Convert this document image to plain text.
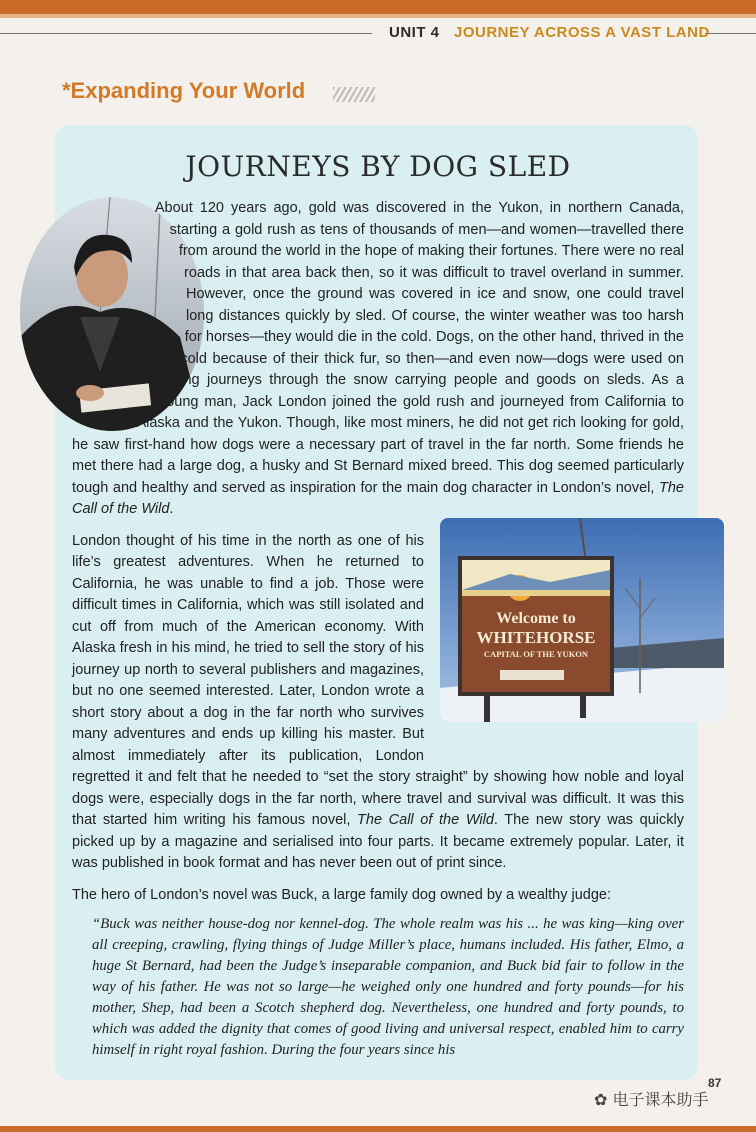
UNIT 4 JOURNEY ACROSS A VAST LAND
*Expanding Your World
JOURNEYS BY DOG SLED
Welcome to
WHITEHORSE
CAPITAL OF THE YUKON

About 120 years ago, gold was discovered in the Yukon, in northern Canada, starting a gold rush as tens of thousands of men—and women—travelled there from around the world in the hope of making their fortunes. There were no real roads in that area back then, so it was difficult to travel overland in summer. However, once the ground was covered in ice and snow, one could travel long distances quickly by sled. Of course, the winter weather was too harsh for horses—they would die in the cold. Dogs, on the other hand, thrived in the cold because of their thick fur, so then—and even now—dogs were used on long journeys through the snow carrying people and goods on sleds. As a young man, Jack London joined the gold rush and journeyed from California to Alaska and the Yukon. Though, like most miners, he did not get rich looking for gold, he saw first-hand how dogs were a necessary part of travel in the far north. Some friends he met there had a large dog, a husky and St Bernard mixed breed. This dog seemed particularly tough and healthy and served as inspiration for the main dog character in London’s novel, The Call of the Wild.

London thought of his time in the north as one of his life’s greatest adventures. When he returned to California, he was unable to find a job. Those were difficult times in California, which was still isolated and cut off from much of the American economy. With Alaska fresh in his mind, he tried to sell the story of his journey up north to several publishers and magazines, but no one seemed interested. Later, London wrote a short story about a dog in the far north who survives many adventures and ends up killing his master. But almost immediately after its publication, London regretted it and felt that he needed to “set the story straight” by showing how noble and loyal dogs were, especially dogs in the far north, where travel and survival was difficult. It was this that started him writing his famous novel, The Call of the Wild. The new story was quickly picked up by a magazine and serialised into four parts. It became extremely popular. Later, it was published in book format and has never been out of print since.

The hero of London’s novel was Buck, a large family dog owned by a wealthy judge:

“Buck was neither house-dog nor kennel-dog. The whole realm was his ... he was king—king over all creeping, crawling, flying things of Judge Miller’s place, humans included. His father, Elmo, a huge St Bernard, had been the Judge’s inseparable companion, and Buck bid fair to follow in the way of his father. He was not so large—he weighed only one hundred and forty pounds—for his mother, Shep, had been a Scotch shepherd dog. Nevertheless, one hundred and forty pounds, to which was added the dignity that comes of good living and universal respect, enabled him to carry himself in right royal fashion. During the four years since his

87
✿ 电子课本助手
